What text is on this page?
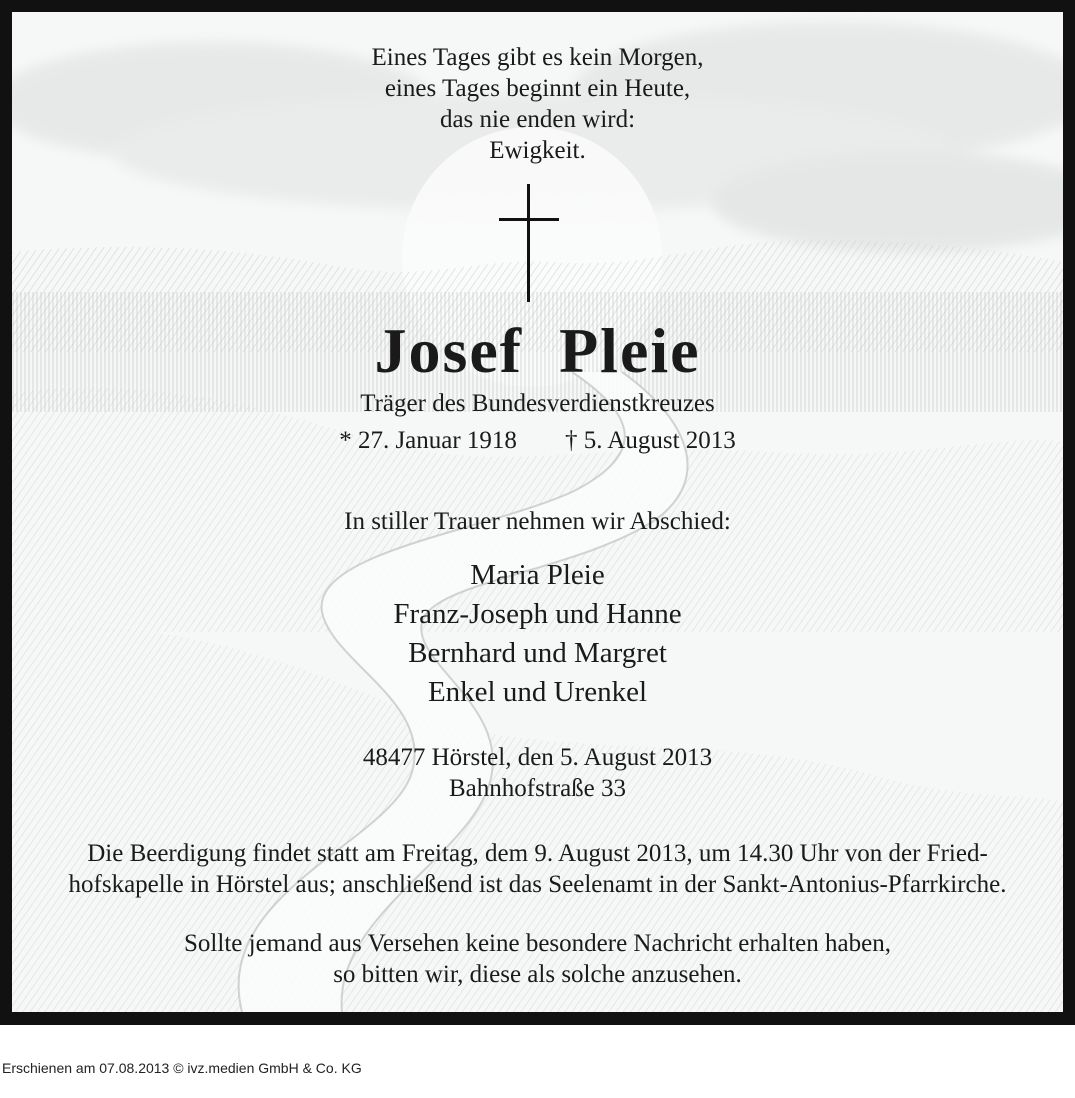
Eines Tages gibt es kein Morgen,
eines Tages beginnt ein Heute,
das nie enden wird:
Ewigkeit.
Josef  Pleie
Träger des Bundesverdienstkreuzes
* 27. Januar 1918 † 5. August 2013
In stiller Trauer nehmen wir Abschied:
Maria Pleie
Franz-Joseph und Hanne
Bernhard und Margret
Enkel und Urenkel
48477 Hörstel, den 5. August 2013
Bahnhofstraße 33
Die Beerdigung findet statt am Freitag, dem 9. August 2013, um 14.30 Uhr von der Fried-
hofskapelle in Hörstel aus; anschließend ist das Seelenamt in der Sankt-Antonius-Pfarrkirche.
Sollte jemand aus Versehen keine besondere Nachricht erhalten haben,
so bitten wir, diese als solche anzusehen.
Erschienen am 07.08.2013 © ivz.medien GmbH & Co. KG
